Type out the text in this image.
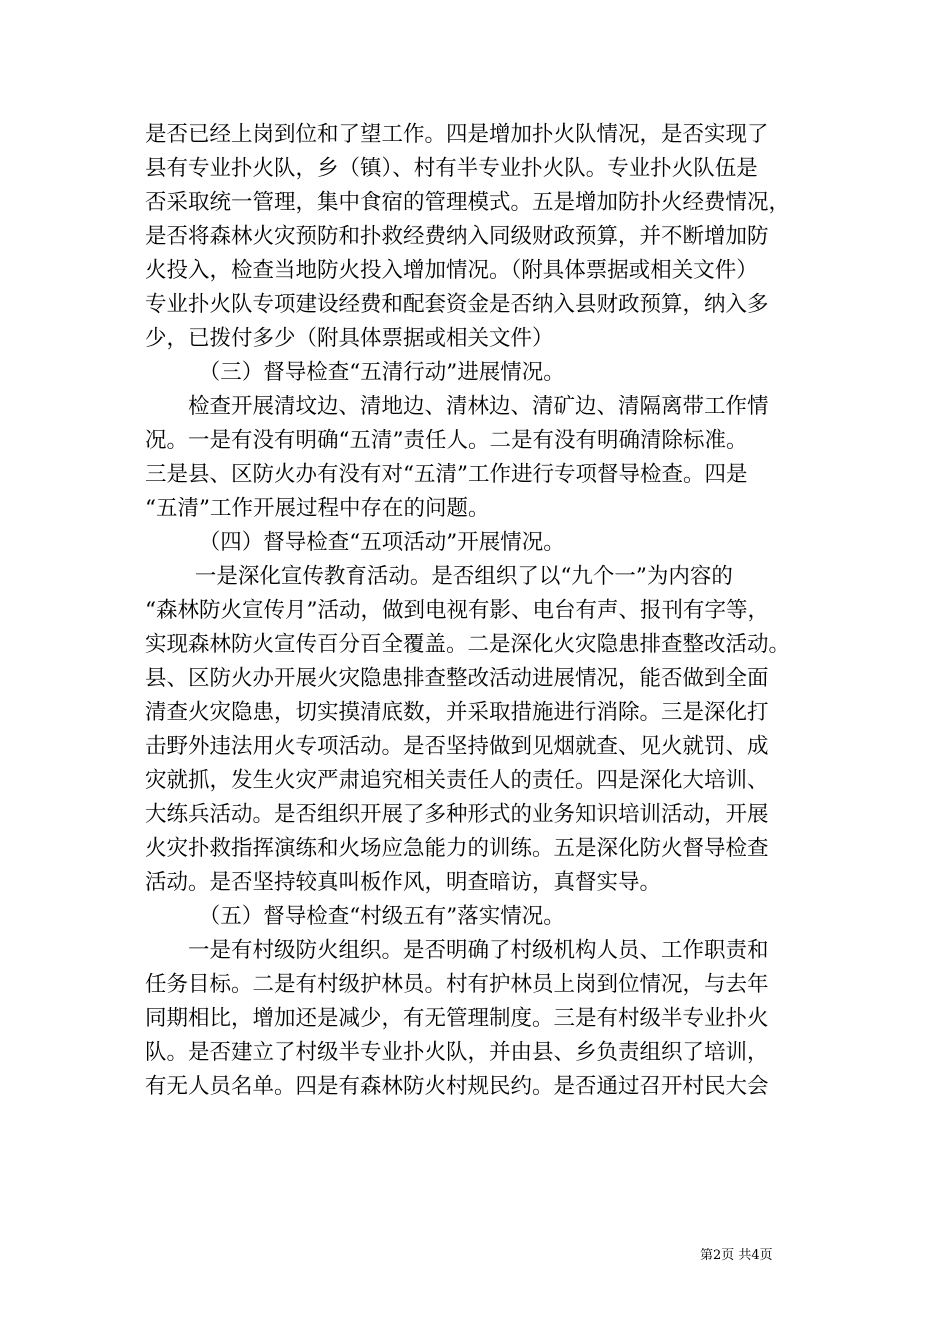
是否已经上岗到位和了望工作。四是增加扑火队情况，是否实现了
县有专业扑火队，乡（镇）、村有半专业扑火队。专业扑火队伍是
否采取统一管理，集中食宿的管理模式。五是增加防扑火经费情况，
是否将森林火灾预防和扑救经费纳入同级财政预算，并不断增加防
火投入，检查当地防火投入增加情况。（附具体票据或相关文件）
专业扑火队专项建设经费和配套资金是否纳入县财政预算，纳入多
少，已拨付多少（附具体票据或相关文件）
　　　（三）督导检查“五清行动”进展情况。
　　检查开展清坟边、清地边、清林边、清矿边、清隔离带工作情
况。一是有没有明确“五清”责任人。二是有没有明确清除标准。
三是县、区防火办有没有对“五清”工作进行专项督导检查。四是
“五清”工作开展过程中存在的问题。
　　　（四）督导检查“五项活动”开展情况。
　　 一是深化宣传教育活动。是否组织了以“九个一”为内容的
“森林防火宣传月”活动，做到电视有影、电台有声、报刊有字等，
实现森林防火宣传百分百全覆盖。二是深化火灾隐患排查整改活动。
县、区防火办开展火灾隐患排查整改活动进展情况，能否做到全面
清查火灾隐患，切实摸清底数，并采取措施进行消除。三是深化打
击野外违法用火专项活动。是否坚持做到见烟就查、见火就罚、成
灾就抓，发生火灾严肃追究相关责任人的责任。四是深化大培训、
大练兵活动。是否组织开展了多种形式的业务知识培训活动，开展
火灾扑救指挥演练和火场应急能力的训练。五是深化防火督导检查
活动。是否坚持较真叫板作风，明查暗访，真督实导。
　　　（五）督导检查“村级五有”落实情况。
　　一是有村级防火组织。是否明确了村级机构人员、工作职责和
任务目标。二是有村级护林员。村有护林员上岗到位情况，与去年
同期相比，增加还是减少，有无管理制度。三是有村级半专业扑火
队。是否建立了村级半专业扑火队，并由县、乡负责组织了培训，
有无人员名单。四是有森林防火村规民约。是否通过召开村民大会
第2页 共4页
